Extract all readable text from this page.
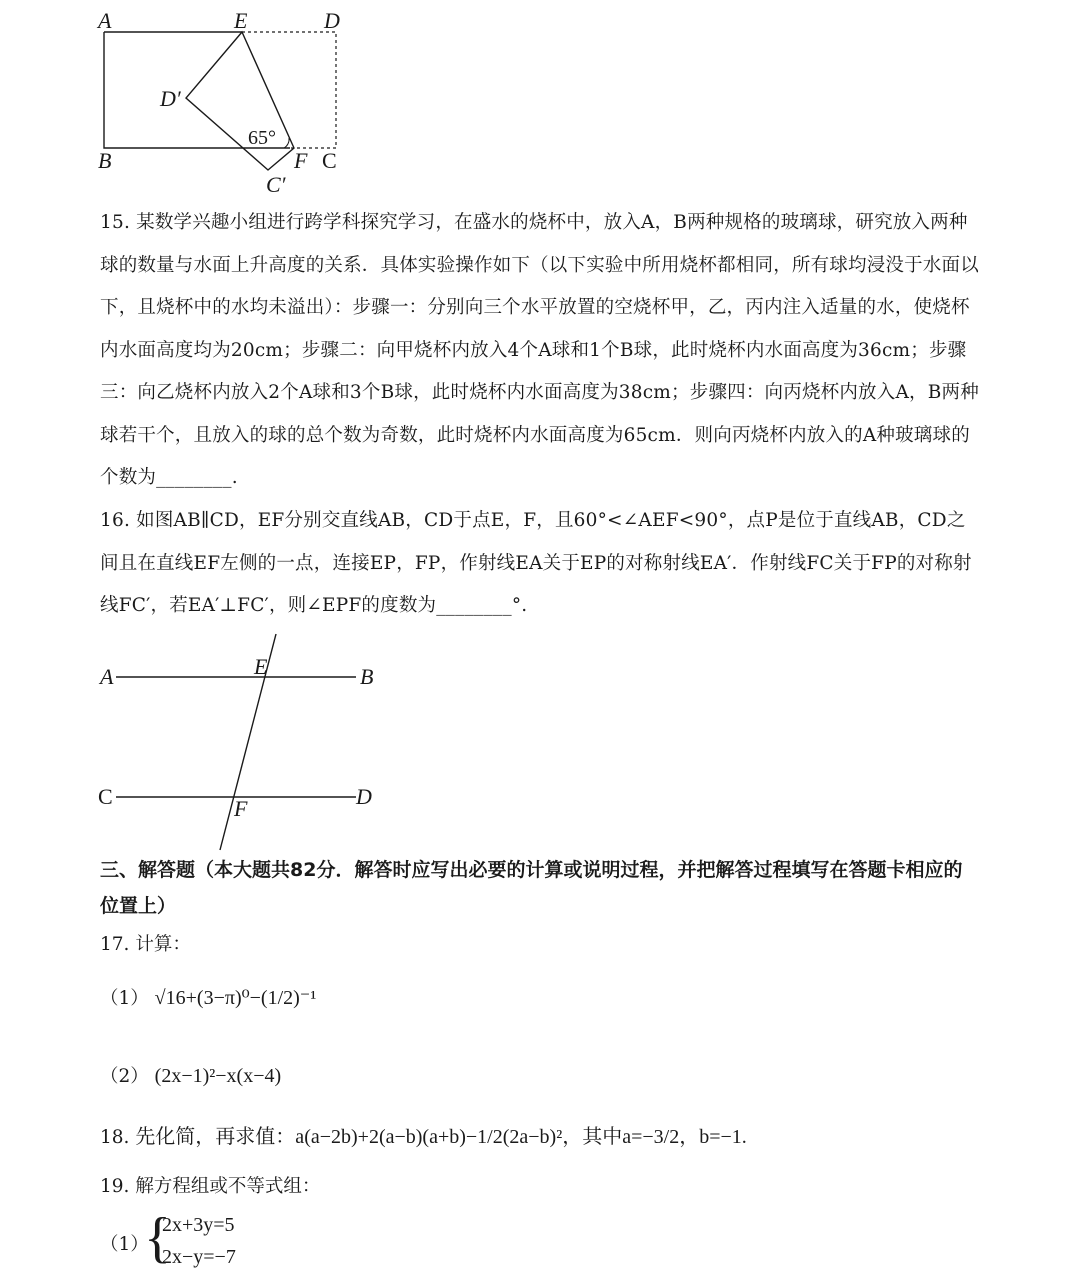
A	E	D
D′
B	F C
C′
65°
15. 某数学兴趣小组进行跨学科探究学习，在盛水的烧杯中，放入A，B两种规格的玻璃球，研究放入两种球的数量与水面上升高度的关系．具体实验操作如下（以下实验中所用烧杯都相同，所有球均浸没于水面以下，且烧杯中的水均未溢出）：步骤一：分别向三个水平放置的空烧杯甲，乙，丙内注入适量的水，使烧杯内水面高度均为20cm；步骤二：向甲烧杯内放入4个A球和1个B球，此时烧杯内水面高度为36cm；步骤三：向乙烧杯内放入2个A球和3个B球，此时烧杯内水面高度为38cm；步骤四：向丙烧杯内放入A，B两种球若干个，且放入的球的总个数为奇数，此时烧杯内水面高度为65cm．则向丙烧杯内放入的A种玻璃球的个数为________.
16. 如图AB∥CD，EF分别交直线AB，CD于点E，F，且60°<∠AEF<90°，点P是位于直线AB，CD之间且在直线EF左侧的一点，连接EP，FP，作射线EA关于EP的对称射线EA′．作射线FC关于FP的对称射线FC′，若EA′⊥FC′，则∠EPF的度数为________°.
A	E	B
C	F	D
三、解答题（本大题共82分．解答时应写出必要的计算或说明过程，并把解答过程填写在答题卡相应的位置上）
17. 计算：
（1） √16+(3−π)⁰−(1/2)⁻¹
（2） (2x−1)²−x(x−4)
18. 先化简，再求值：a(a−2b)+2(a−b)(a+b)−1/2(2a−b)²，其中a=−3/2，b=−1.
19. 解方程组或不等式组：
（1）
{
2x+3y=5
2x−y=−7
